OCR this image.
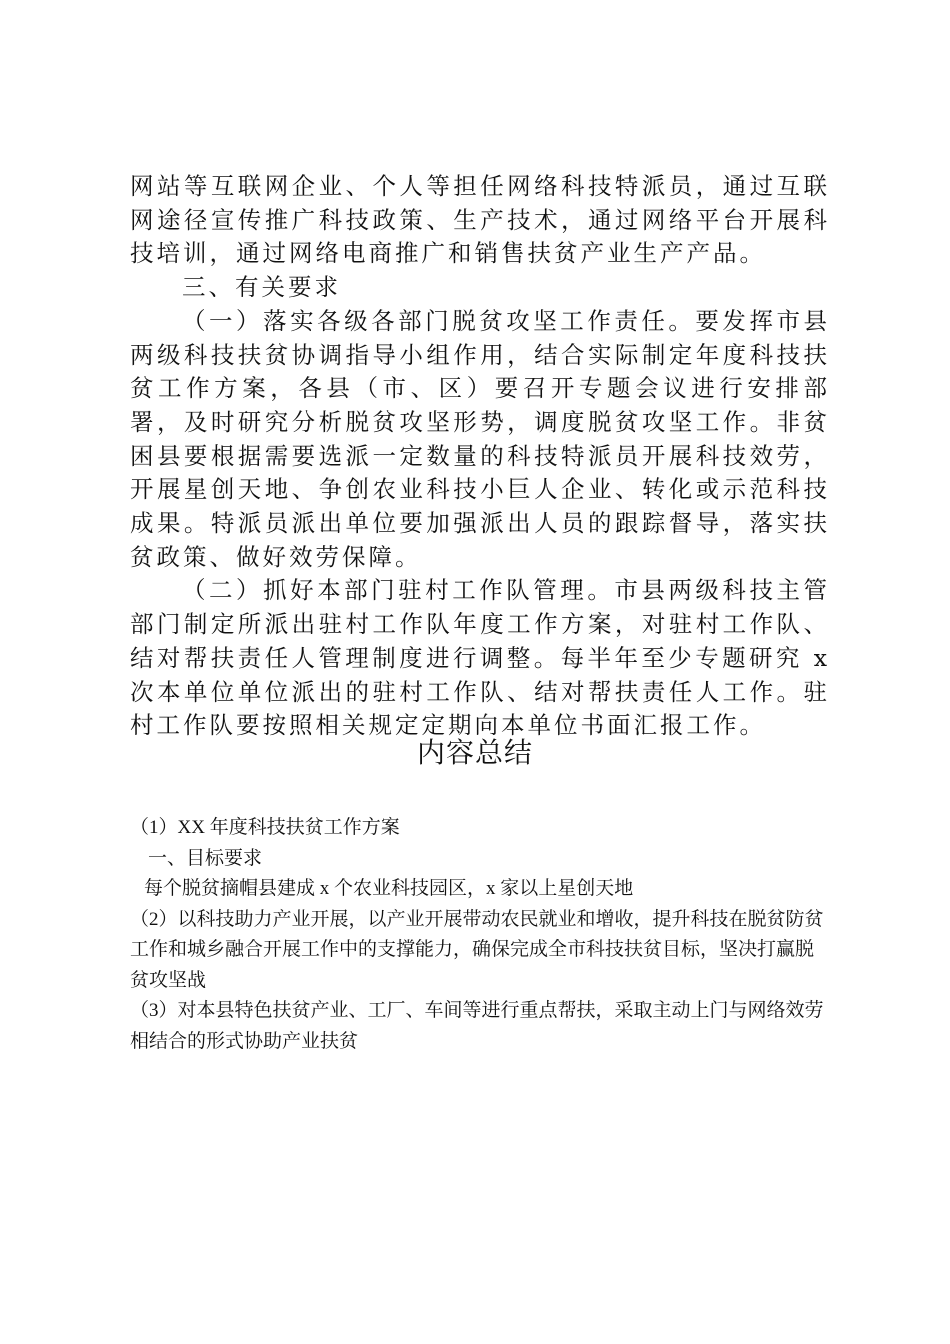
网站等互联网企业、个人等担任网络科技特派员，通过互联网途径宣传推广科技政策、生产技术，通过网络平台开展科技培训，通过网络电商推广和销售扶贫产业生产产品。

三、有关要求

（一）落实各级各部门脱贫攻坚工作责任。要发挥市县两级科技扶贫协调指导小组作用，结合实际制定年度科技扶贫工作方案，各县（市、区）要召开专题会议进行安排部署，及时研究分析脱贫攻坚形势，调度脱贫攻坚工作。非贫困县要根据需要选派一定数量的科技特派员开展科技效劳，开展星创天地、争创农业科技小巨人企业、转化或示范科技成果。特派员派出单位要加强派出人员的跟踪督导，落实扶贫政策、做好效劳保障。

（二）抓好本部门驻村工作队管理。市县两级科技主管部门制定所派出驻村工作队年度工作方案，对驻村工作队、结对帮扶责任人管理制度进行调整。每半年至少专题研究 x 次本单位单位派出的驻村工作队、结对帮扶责任人工作。驻村工作队要按照相关规定定期向本单位书面汇报工作。

内容总结

（1）XX 年度科技扶贫工作方案

一、目标要求

每个脱贫摘帽县建成 x 个农业科技园区，x 家以上星创天地

（2）以科技助力产业开展，以产业开展带动农民就业和增收，提升科技在脱贫防贫工作和城乡融合开展工作中的支撑能力，确保完成全市科技扶贫目标，坚决打赢脱贫攻坚战

（3）对本县特色扶贫产业、工厂、车间等进行重点帮扶，采取主动上门与网络效劳相结合的形式协助产业扶贫
